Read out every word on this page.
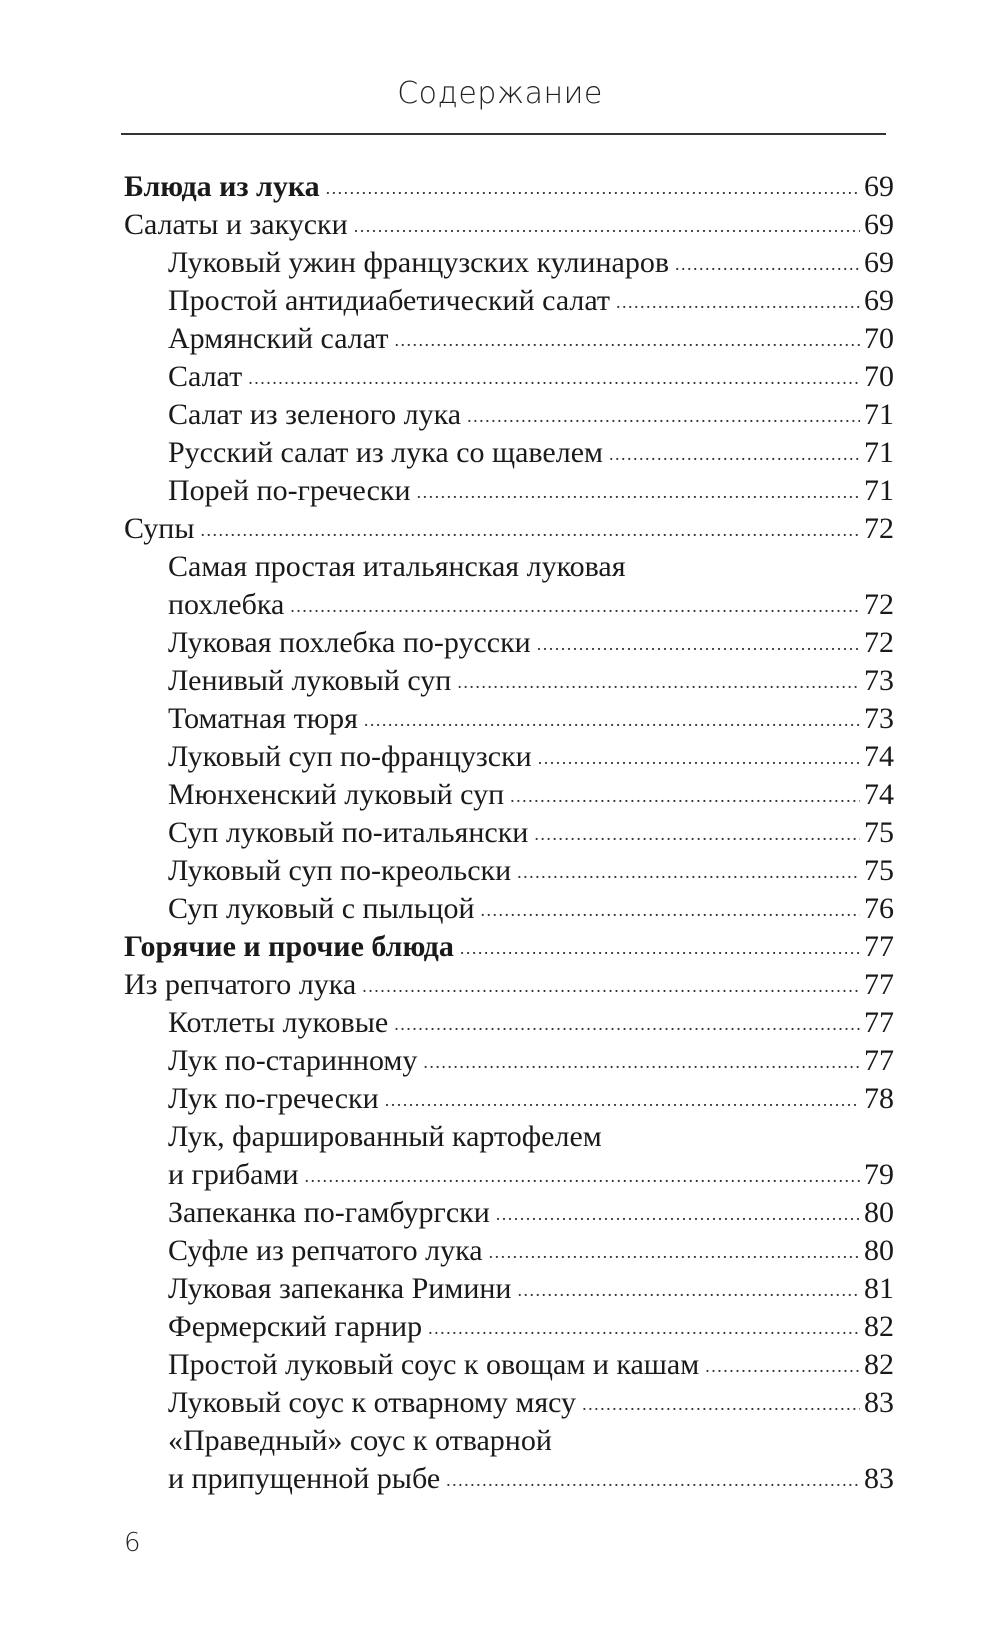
Содержание
Блюда из лука .....	69
Салаты и закуски .....	69
Луковый ужин французских кулинаров .....	69
Простой антидиабетический салат .....	69
Армянский салат .....	70
Салат .....	70
Салат из зеленого лука .....	71
Русский салат из лука со щавелем .....	71
Порей по-гречески .....	71
Супы .....	72
Самая простая итальянская луковая
похлебка .....	72
Луковая похлебка по-русски .....	72
Ленивый луковый суп .....	73
Томатная тюря .....	73
Луковый суп по-французски .....	74
Мюнхенский луковый суп .....	74
Суп луковый по-итальянски .....	75
Луковый суп по-креольски .....	75
Суп луковый с пыльцой .....	76
Горячие и прочие блюда .....	77
Из репчатого лука .....	77
Котлеты луковые .....	77
Лук по-старинному .....	77
Лук по-гречески .....	78
Лук, фаршированный картофелем
и грибами .....	79
Запеканка по-гамбургски .....	80
Суфле из репчатого лука .....	80
Луковая запеканка Римини .....	81
Фермерский гарнир .....	82
Простой луковый соус к овощам и кашам .....	82
Луковый соус к отварному мясу .....	83
«Праведный» соус к отварной
и припущенной рыбе .....	83
6
